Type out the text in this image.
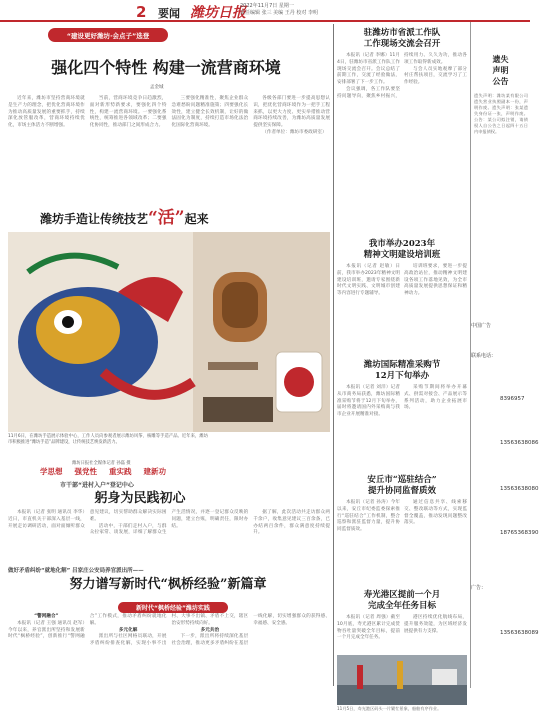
2 要闻 潍坊日报
2022年11月7日 星期一
责任编辑 张三 美编 王丹 校对 李明
“建设更好潍坊·会点子”选登
强化四个特性 构建一流营商环境
孟金城

近年来，潍坊市坚持营商环境就是生产力的理念，把优化营商环境作为推动高质量发展的重要抓手，持续深化放管服改革，营商环境持续优化，市场主体活力不断增强。

当前，营商环境竞争日趋激烈，面对新形势新要求，要强化四个特性，构建一流营商环境。一要强化系统性，统筹推进各领域改革；二要强化协同性，推动部门之间形成合力。

三要强化精准性，聚焦企业群众急难愁盼问题精准施策；四要强化长效性，建立健全长效机制，让好的做法固化为制度，持续打造市场化法治化国际化营商环境。

各级各部门要进一步提高思想认识，把优化营商环境作为一把手工程来抓，以更大力度、更实举措推动营商环境持续改善，为潍坊高质量发展提供坚实保障。

（作者单位：潍坊市委政研室）

潍坊手造让传统技艺“活”起来
11月6日，在潍坊手造展示体验中心，工作人员向参观者展示潍坊风筝、核雕等手造产品。近年来，潍坊市积极推进“潍坊手造”品牌建设，让传统技艺焕发新活力。
潍坊日报社全媒体记者 孙磊 摄
学思想 强党性 重实践 建新功
市干部“进村入户”登记中心
躬身为民践初心

本报讯（记者 张明 通讯员 李华）近日，市直机关干部深入基层一线，开展走访调研活动，面对面倾听群众意见建议，切实帮助群众解决实际困难。

活动中，干部们走村入户，与群众拉家常、谈发展，详细了解群众生产生活情况，并逐一登记群众反映的问题，建立台账，明确责任，限时办结。

据了解，此次活动共走访群众两千余户，收集意见建议三百余条，已办结两百余件，群众满意度持续提升。

做好矛盾纠纷“就地化解” 吕家庄公安局养官派出所——
努力谱写新时代“枫桥经验”新篇章
新时代“枫桥经验”潍坊实践

“警网融合”

本报讯（记者 王强 通讯员 赵军）今年以来，养官派出所坚持和发展新时代“枫桥经验”，创新推行“警网融合”工作模式，推动矛盾纠纷就地化解。

多元化解

派出所与社区网格员联动，开展矛盾纠纷排查化解，实现小事不出村、大事不出镇、矛盾不上交，辖区治安形势持续向好。

多元共治

下一步，派出所将持续深化基层社会治理，推动更多矛盾纠纷在基层一线化解，切实增强群众的获得感、幸福感、安全感。

驻潍坊市省派工作队
工作现场交流会召开

本报讯（记者 李娜）11月4日，驻潍坊市省派工作队工作现场交流会召开。会议总结了前期工作，交流了经验做法，安排部署了下一步工作。

会议强调，各工作队要坚持问题导向，聚焦乡村振兴，持续用力、久久为功，推动各项工作取得新成效。

与会人员实地观摩了部分村庄帮扶项目，交流学习了工作经验。

我市举办2023年
精神文明建设培训班

本报讯（记者 赵敏）日前，我市举办2023年精神文明建设培训班，邀请专家围绕新时代文明实践、文明城市创建等内容进行专题辅导。

培训班要求，要进一步提高政治站位，推动精神文明建设各项工作落地见效，为全市高质量发展提供思想保证和精神动力。

潍坊国际精准采购节
12月下旬举办

本报讯（记者 刘洋）记者从市商务局获悉，潍坊国际精准采购节将于12月下旬举办，届时将邀请国内外采购商与我市企业开展精准对接。

采购节期间将举办开幕式、供需对接会、产品展示等系列活动，助力企业拓展市场。

安丘市“巡驻结合”
提升协同监督质效

本报讯（记者 孙涛）今年以来，安丘市纪委监委探索推行“巡驻结合”工作机制，整合巡察和派驻监督力量，提升协同监督质效。

通过信息共享、线索移交、整改联动等方式，实现监督全覆盖，推动发现问题整改落实。

寿光港区提前一个月
完成全年任务目标

本报讯（记者 周强）截至10月底，寿光港区累计完成货物吞吐量突破全年目标，提前一个月完成全年任务。

港区持续优化航线布局，提升服务效能，为区域经济发展提供有力支撑。

11月5日，寿光港区码头一片繁忙景象，船舶有序作业。
遗失
声明
公告
遗失声明：潍坊某有限公司遗失营业执照副本一份，声明作废。遗失声明：张某遗失身份证一张，声明作废。公告：某公司拟注销，请债权人自公告之日起四十五日内申报债权。
中国广告
联系电话：
8396957
13563638086
13563638080
18765368390
广告：
13563638089
